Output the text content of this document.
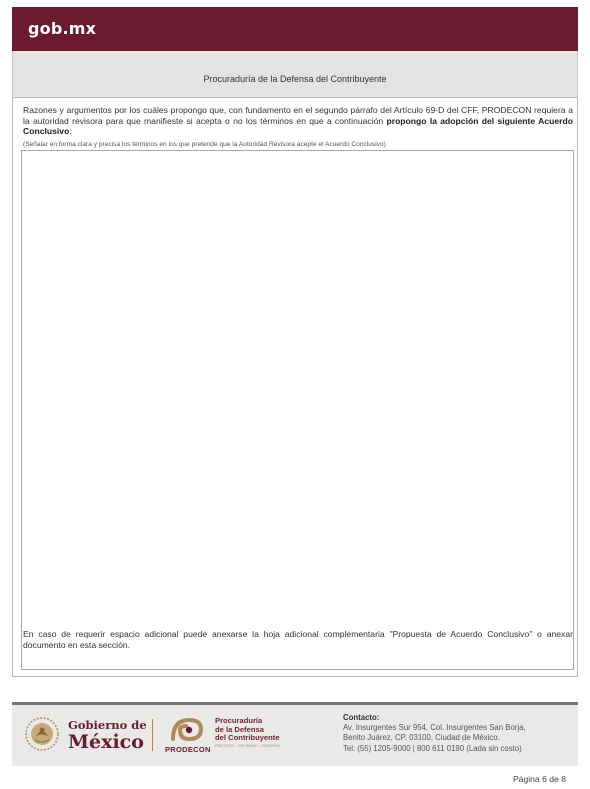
gob.mx
Procuraduría de la Defensa del Contribuyente
Razones y argumentos por los cuáles propongo que, con fundamento en el segundo párrafo del Artículo 69-D del CFF, PRODECON requiera a la autoridad revisora para que manifieste si acepta o no los términos en que a continuación propongo la adopción del siguiente Acuerdo Conclusivo:
(Señalar en forma clara y precisa los términos en los que pretende que la Autoridad Revisora acepte el Acuerdo Conclusivo)
En caso de requerir espacio adicional puede anexarse la hoja adicional complementaria "Propuesta de Acuerdo Conclusivo" o anexar documento en esta sección.
Gobierno de
México	PRODECON
Procuraduría
de la Defensa
del Contribuyente
PROTEGE • DEFIENDE • OBSERVA
Contacto:
Av. Insurgentes Sur 954, Col. Insurgentes San Borja,
Benito Juárez, CP. 03100, Ciudad de México.
Tel: (55) 1205-9000 | 800 611 0190 (Lada sin costo)
Página 6 de 8
